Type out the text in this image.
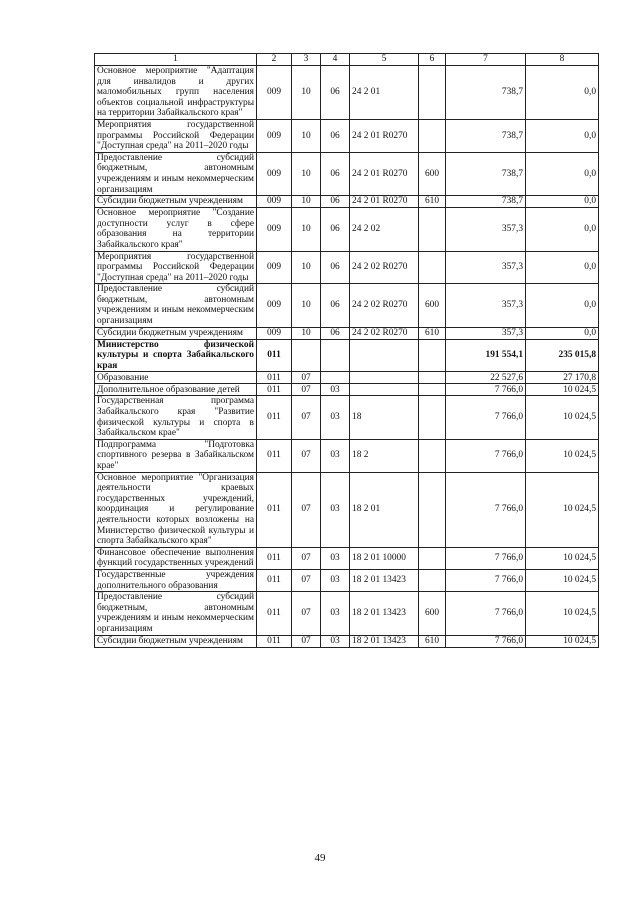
1	2	3	4	5	6	7	8
Основное мероприятие "Адаптация для инвалидов и других маломобильных групп населения объектов социальной инфраструктуры на территории Забайкальского края"	009	10	06	24 2 01		738,7	0,0
Мероприятия государственной программы Российской Федерации "Доступная среда" на 2011–2020 годы	009	10	06	24 2 01 R0270		738,7	0,0
Предоставление субсидий бюджетным, автономным учреждениям и иным некоммерческим организациям	009	10	06	24 2 01 R0270	600	738,7	0,0
Субсидии бюджетным учреждениям	009	10	06	24 2 01 R0270	610	738,7	0,0
Основное мероприятие "Создание доступности услуг в сфере образования на территории Забайкальского края"	009	10	06	24 2 02		357,3	0,0
Мероприятия государственной программы Российской Федерации "Доступная среда" на 2011–2020 годы	009	10	06	24 2 02 R0270		357,3	0,0
Предоставление субсидий бюджетным, автономным учреждениям и иным некоммерческим организациям	009	10	06	24 2 02 R0270	600	357,3	0,0
Субсидии бюджетным учреждениям	009	10	06	24 2 02 R0270	610	357,3	0,0
Министерство физической культуры и спорта Забайкальского края	011					191 554,1	235 015,8
Образование	011	07				22 527,6	27 170,8
Дополнительное образование детей	011	07	03			7 766,0	10 024,5
Государственная программа Забайкальского края "Развитие физической культуры и спорта в Забайкальском крае"	011	07	03	18		7 766,0	10 024,5
Подпрограмма "Подготовка спортивного резерва в Забайкальском крае"	011	07	03	18 2		7 766,0	10 024,5
Основное мероприятие "Организация деятельности краевых государственных учреждений, координация и регулирование деятельности которых возложены на Министерство физической культуры и спорта Забайкальского края"	011	07	03	18 2 01		7 766,0	10 024,5
Финансовое обеспечение выполнения функций государственных учреждений	011	07	03	18 2 01 10000		7 766,0	10 024,5
Государственные учреждения дополнительного образования	011	07	03	18 2 01 13423		7 766,0	10 024,5
Предоставление субсидий бюджетным, автономным учреждениям и иным некоммерческим организациям	011	07	03	18 2 01 13423	600	7 766,0	10 024,5
Субсидии бюджетным учреждениям	011	07	03	18 2 01 13423	610	7 766,0	10 024,5
49
